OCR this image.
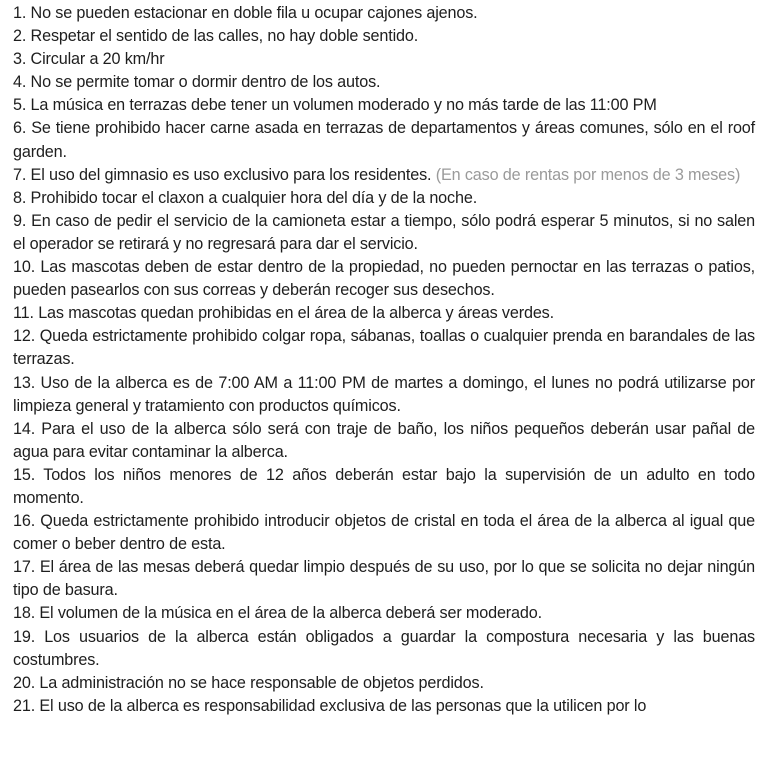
1. No se pueden estacionar en doble fila u ocupar cajones ajenos.

2. Respetar el sentido de las calles, no hay doble sentido.

3. Circular a 20 km/hr

4. No se permite tomar o dormir dentro de los autos.

5. La música en terrazas debe tener un volumen moderado y no más tarde de las 11:00 PM

6. Se tiene prohibido hacer carne asada en terrazas de departamentos y áreas comunes, sólo en el roof garden.

7. El uso del gimnasio es uso exclusivo para los residentes. (En caso de rentas por menos de 3 meses)

8. Prohibido tocar el claxon a cualquier hora del día y de la noche.

9. En caso de pedir el servicio de la camioneta estar a tiempo, sólo podrá esperar 5 minutos, si no salen el operador se retirará y no regresará para dar el servicio.

10. Las mascotas deben de estar dentro de la propiedad, no pueden pernoctar en las terrazas o patios, pueden pasearlos con sus correas y deberán recoger sus desechos.

11. Las mascotas quedan prohibidas en el área de la alberca y áreas verdes.

12. Queda estrictamente prohibido colgar ropa, sábanas, toallas o cualquier prenda en barandales de las terrazas.

13. Uso de la alberca es de 7:00 AM a 11:00 PM de martes a domingo, el lunes no podrá utilizarse por limpieza general y tratamiento con productos químicos.

14. Para el uso de la alberca sólo será con traje de baño, los niños pequeños deberán usar pañal de agua para evitar contaminar la alberca.

15. Todos los niños menores de 12 años deberán estar bajo la supervisión de un adulto en todo momento.

16. Queda estrictamente prohibido introducir objetos de cristal en toda el área de la alberca al igual que comer o beber dentro de esta.

17. El área de las mesas deberá quedar limpio después de su uso, por lo que se solicita no dejar ningún tipo de basura.

18. El volumen de la música en el área de la alberca deberá ser moderado.

19. Los usuarios de la alberca están obligados a guardar la compostura necesaria y las buenas costumbres.

20. La administración no se hace responsable de objetos perdidos.

21. El uso de la alberca es responsabilidad exclusiva de las personas que la utilicen por lo
